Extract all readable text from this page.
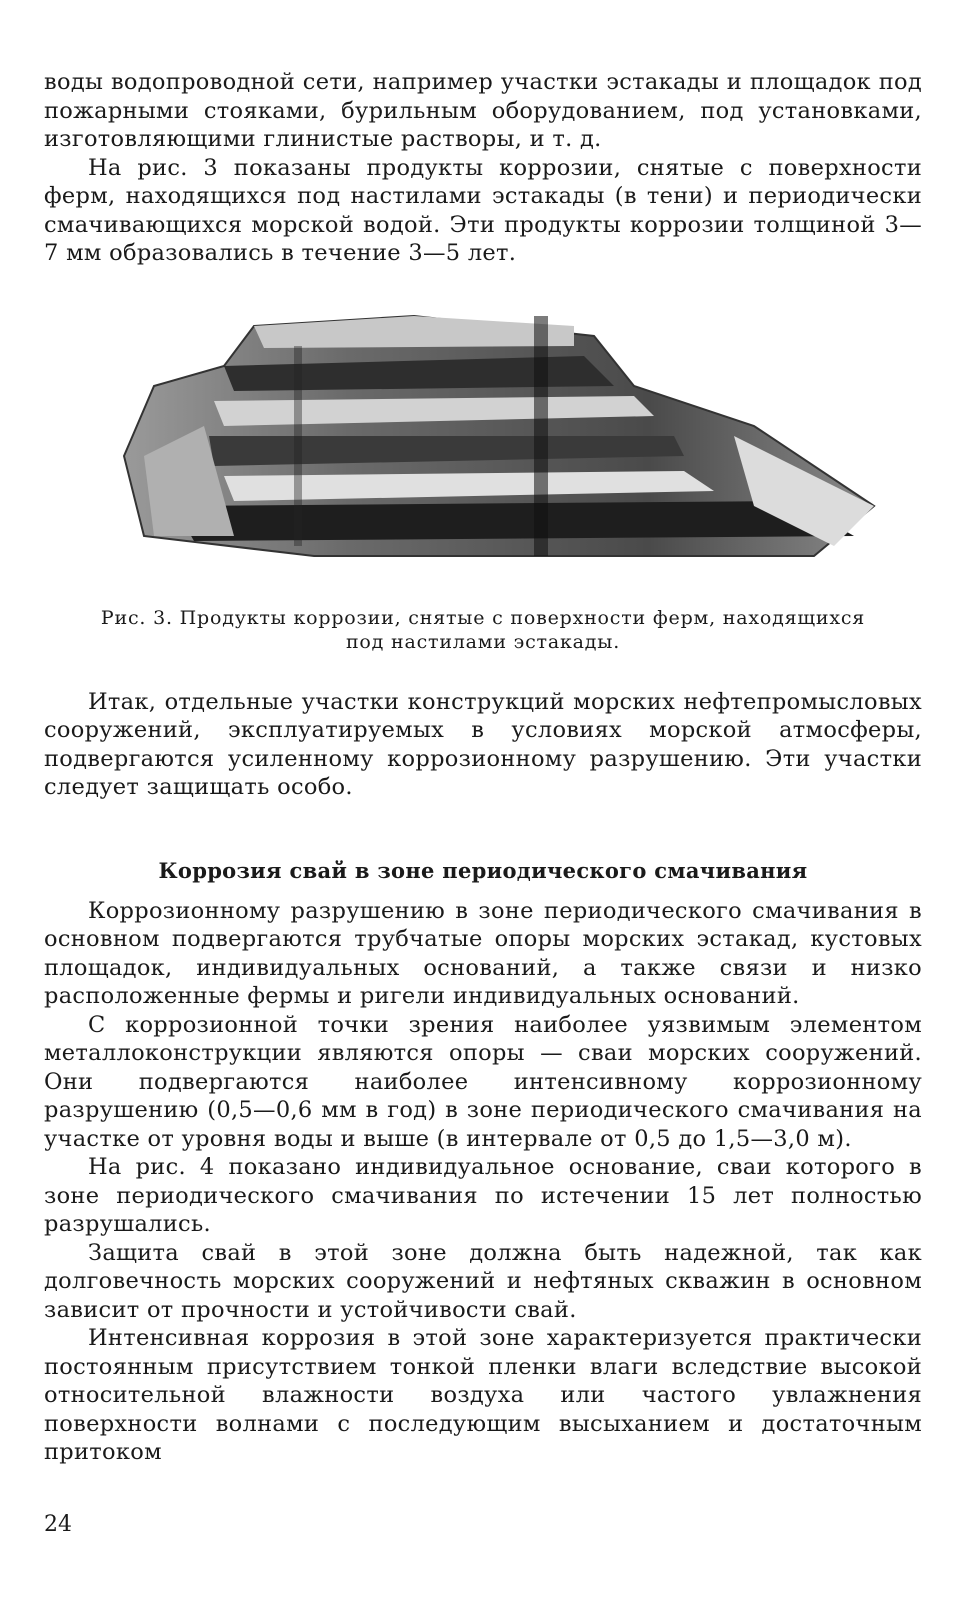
воды водопроводной сети, например участки эстакады и площадок под пожарными стояками, бурильным оборудованием, под установками, изготовляющими глинистые растворы, и т. д.

На рис. 3 показаны продукты коррозии, снятые с поверхности ферм, находящихся под настилами эстакады (в тени) и периодически смачивающихся морской водой. Эти продукты коррозии толщиной 3—7 мм образовались в течение 3—5 лет.

Рис. 3. Продукты коррозии, снятые с поверхности ферм, находящихся под настилами эстакады.

Итак, отдельные участки конструкций морских нефтепромысловых сооружений, эксплуатируемых в условиях морской атмосферы, подвергаются усиленному коррозионному разрушению. Эти участки следует защищать особо.

Коррозия свай в зоне периодического смачивания

Коррозионному разрушению в зоне периодического смачивания в основном подвергаются трубчатые опоры морских эстакад, кустовых площадок, индивидуальных оснований, а также связи и низко расположенные фермы и ригели индивидуальных оснований.

С коррозионной точки зрения наиболее уязвимым элементом металлоконструкции являются опоры — сваи морских сооружений. Они подвергаются наиболее интенсивному коррозионному разрушению (0,5—0,6 мм в год) в зоне периодического смачивания на участке от уровня воды и выше (в интервале от 0,5 до 1,5—3,0 м).

На рис. 4 показано индивидуальное основание, сваи которого в зоне периодического смачивания по истечении 15 лет полностью разрушались.

Защита свай в этой зоне должна быть надежной, так как долговечность морских сооружений и нефтяных скважин в основном зависит от прочности и устойчивости свай.

Интенсивная коррозия в этой зоне характеризуется практически постоянным присутствием тонкой пленки влаги вследствие высокой относительной влажности воздуха или частого увлажнения поверхности волнами с последующим высыханием и достаточным притоком

24
